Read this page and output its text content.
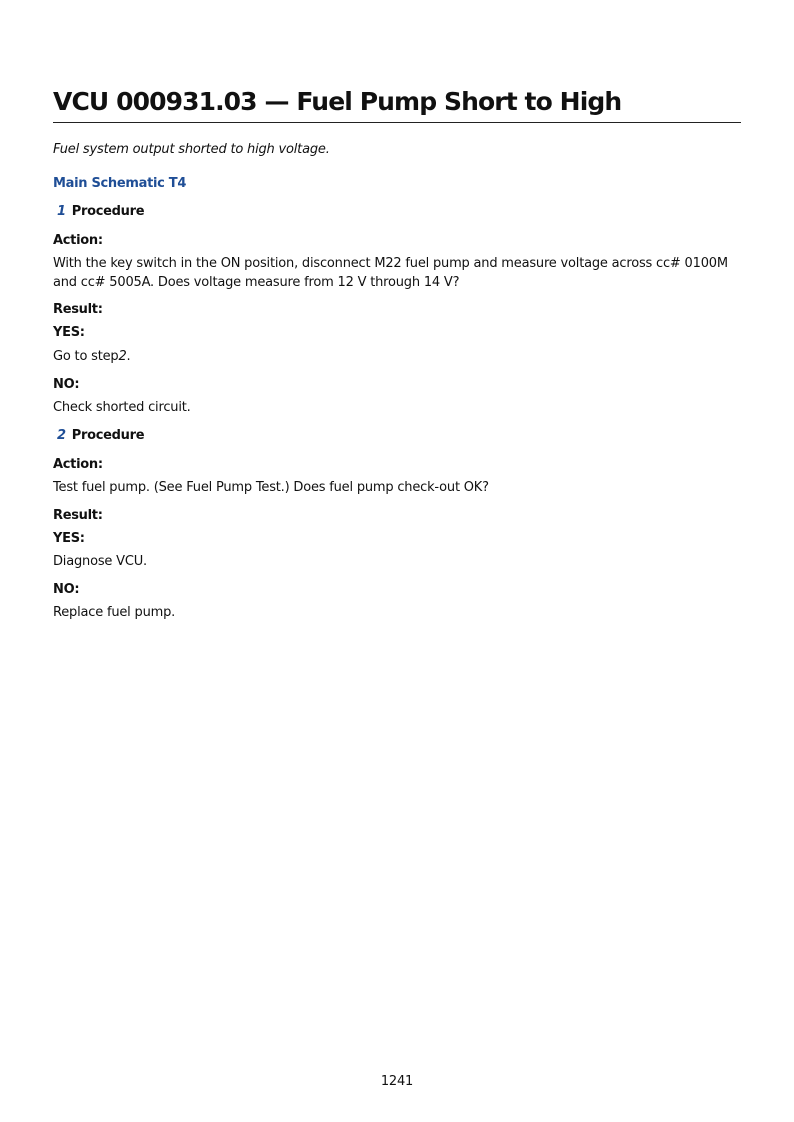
VCU 000931.03 — Fuel Pump Short to High
Fuel system output shorted to high voltage.
Main Schematic T4
1 Procedure
Action:
With the key switch in the ON position, disconnect M22 fuel pump and measure voltage across cc# 0100M and cc# 5005A. Does voltage measure from 12 V through 14 V?
Result:
YES:
Go to step2.
NO:
Check shorted circuit.
2 Procedure
Action:
Test fuel pump. (See Fuel Pump Test.) Does fuel pump check-out OK?
Result:
YES:
Diagnose VCU.
NO:
Replace fuel pump.
1241
